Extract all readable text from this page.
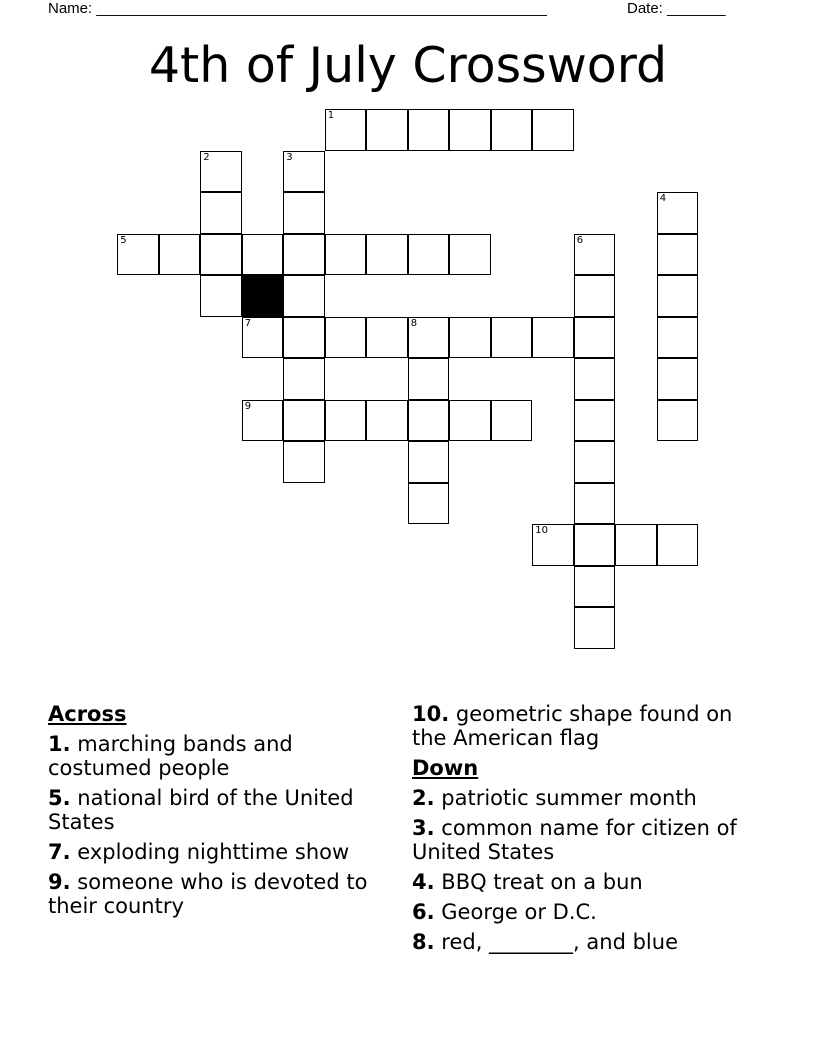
Name: ______________________________________________________	Date: _______
4th of July Crossword
1
2	3
4
5	6
7	8
9
10
Across
1. marching bands and costumed people
5. national bird of the United States
7. exploding nighttime show
9. someone who is devoted to their country
10. geometric shape found on the American flag
Down
2. patriotic summer month
3. common name for citizen of United States
4. BBQ treat on a bun
6. George or D.C.
8. red, ________, and blue
